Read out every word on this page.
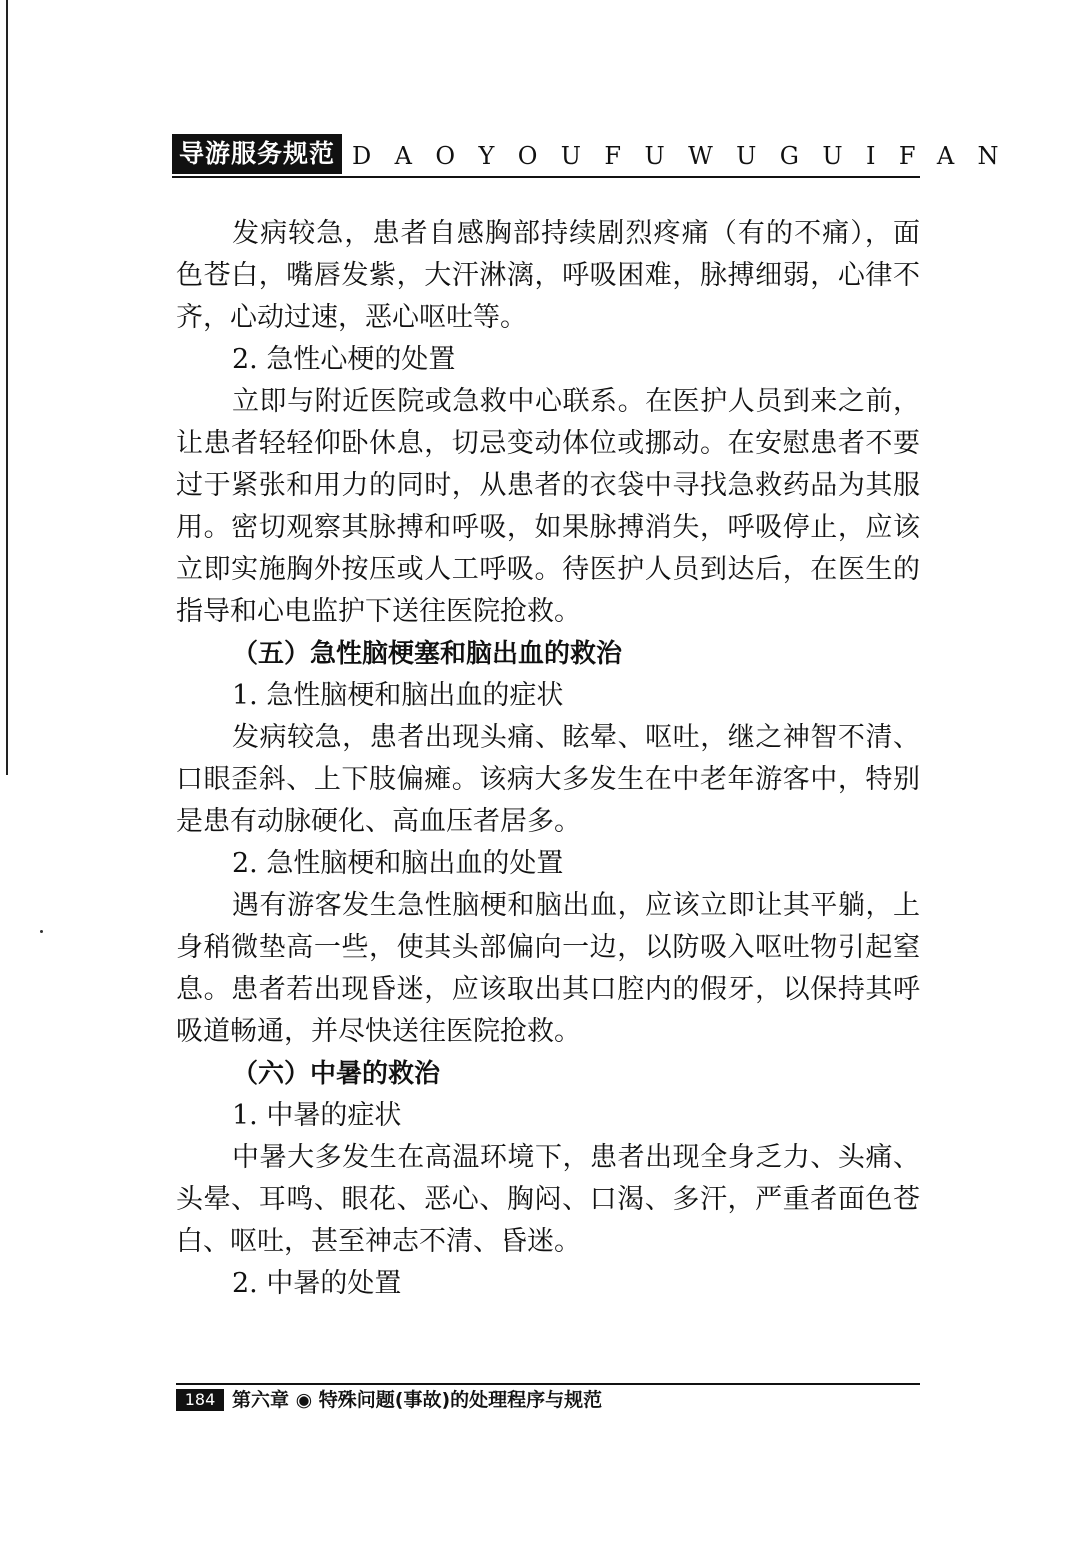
导游服务规范 DAOYOUFUWUGUIFAN

发病较急，患者自感胸部持续剧烈疼痛（有的不痛），面色苍白，嘴唇发紫，大汗淋漓，呼吸困难，脉搏细弱，心律不齐，心动过速，恶心呕吐等。

2. 急性心梗的处置

立即与附近医院或急救中心联系。在医护人员到来之前，让患者轻轻仰卧休息，切忌变动体位或挪动。在安慰患者不要过于紧张和用力的同时，从患者的衣袋中寻找急救药品为其服用。密切观察其脉搏和呼吸，如果脉搏消失，呼吸停止，应该立即实施胸外按压或人工呼吸。待医护人员到达后，在医生的指导和心电监护下送往医院抢救。

（五）急性脑梗塞和脑出血的救治

1. 急性脑梗和脑出血的症状

发病较急，患者出现头痛、眩晕、呕吐，继之神智不清、口眼歪斜、上下肢偏瘫。该病大多发生在中老年游客中，特别是患有动脉硬化、高血压者居多。

2. 急性脑梗和脑出血的处置

遇有游客发生急性脑梗和脑出血，应该立即让其平躺，上身稍微垫高一些，使其头部偏向一边，以防吸入呕吐物引起窒息。患者若出现昏迷，应该取出其口腔内的假牙，以保持其呼吸道畅通，并尽快送往医院抢救。

（六）中暑的救治

1. 中暑的症状

中暑大多发生在高温环境下，患者出现全身乏力、头痛、头晕、耳鸣、眼花、恶心、胸闷、口渴、多汗，严重者面色苍白、呕吐，甚至神志不清、昏迷。

2. 中暑的处置

184 第六章 ◉ 特殊问题(事故)的处理程序与规范
